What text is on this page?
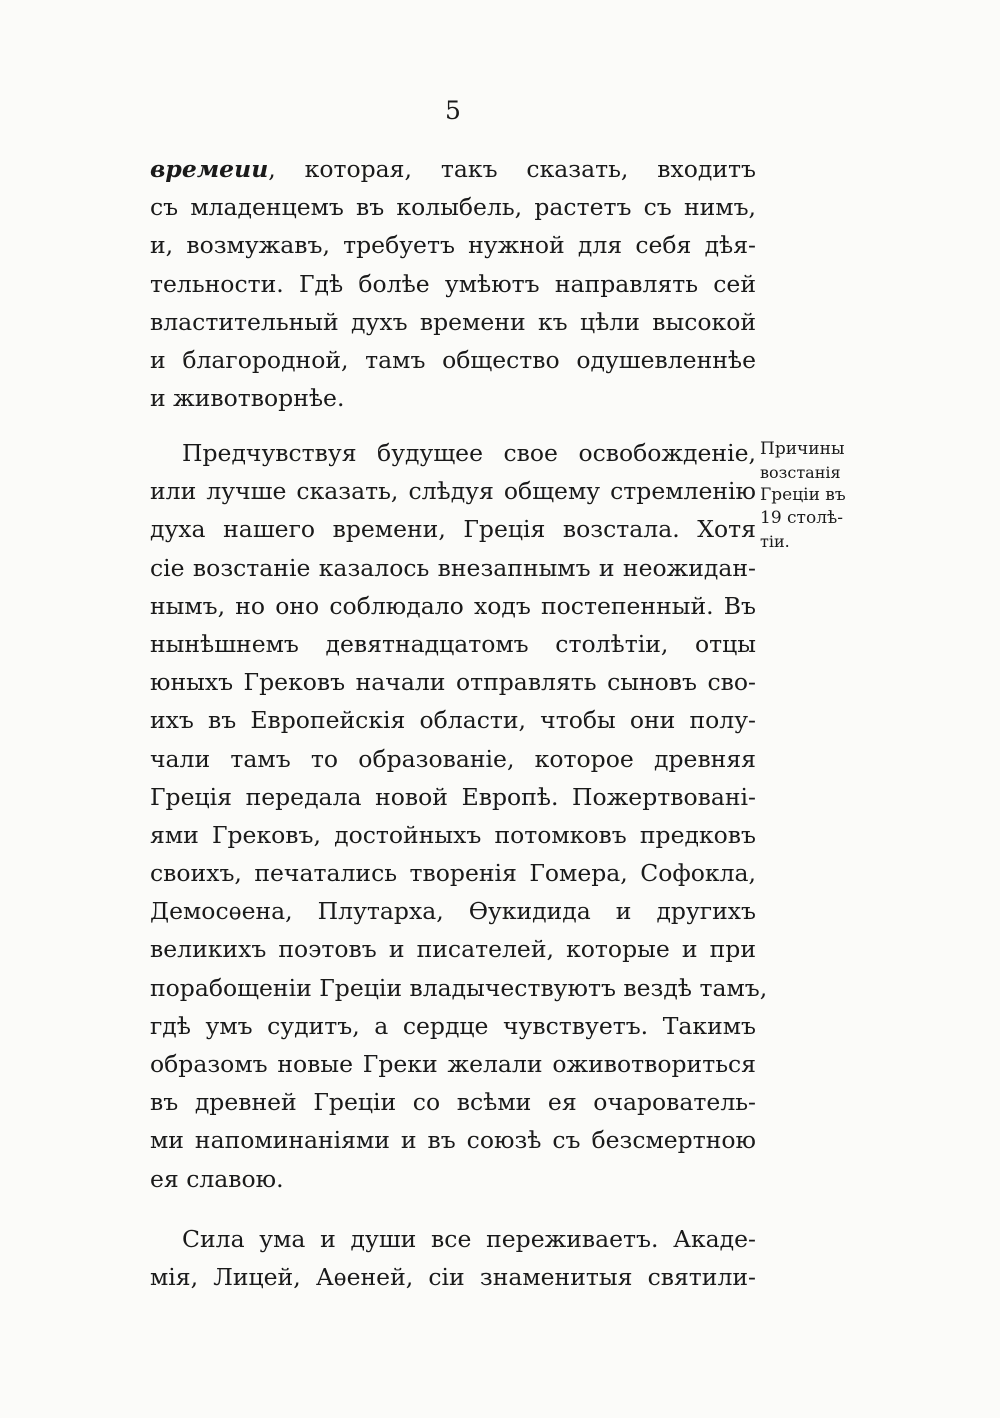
5
времеии, которая, такъ сказать, входитъ
съ младенцемъ въ колыбель, растетъ съ нимъ,
и, возмужавъ, требуетъ нужной для себя дѣя-
тельности. Гдѣ болѣе умѣютъ направлять сей
властительный духъ времени къ цѣли высокой
и благородной, тамъ общество одушевленнѣе
и животворнѣе.
Предчувствуя будущее свое освобожденіе,
или лучше сказать, слѣдуя общему стремленію
духа нашего времени, Грецiя возстала. Хотя
сіе возстаніе казалось внезапнымъ и неожидан-
нымъ, но оно соблюдало ходъ постепенный. Въ
нынѣшнемъ девятнадцатомъ столѣтіи, отцы
юныхъ Грековъ начали отправлять сыновъ сво-
ихъ въ Европейскія области, чтобы они полу-
чали тамъ то образованіе, которое древняя
Грецiя передала новой Европѣ. Пожертвованi-
ями Грековъ, достойныхъ потомковъ предковъ
своихъ, печатались творенія Гомера, Софокла,
Демосѳена, Плутарха, Ѳукидида и другихъ
великихъ поэтовъ и писателей, которые и при
порабощеніи Грецiи владычествуютъ вездѣ тамъ,
гдѣ умъ судитъ, а сердце чувствуетъ. Такимъ
образомъ новые Греки желали оживотвориться
въ древней Грецiи со всѣми ея очарователь-
ми напоминаніями и въ союзѣ съ безсмертною
ея славою.
Причины
возстанія
Грецiи въ
19 столѣ-
тіи.
Сила ума и души все переживаетъ. Акаде-
мія, Лицей, Аѳеней, сіи знаменитыя святили-
